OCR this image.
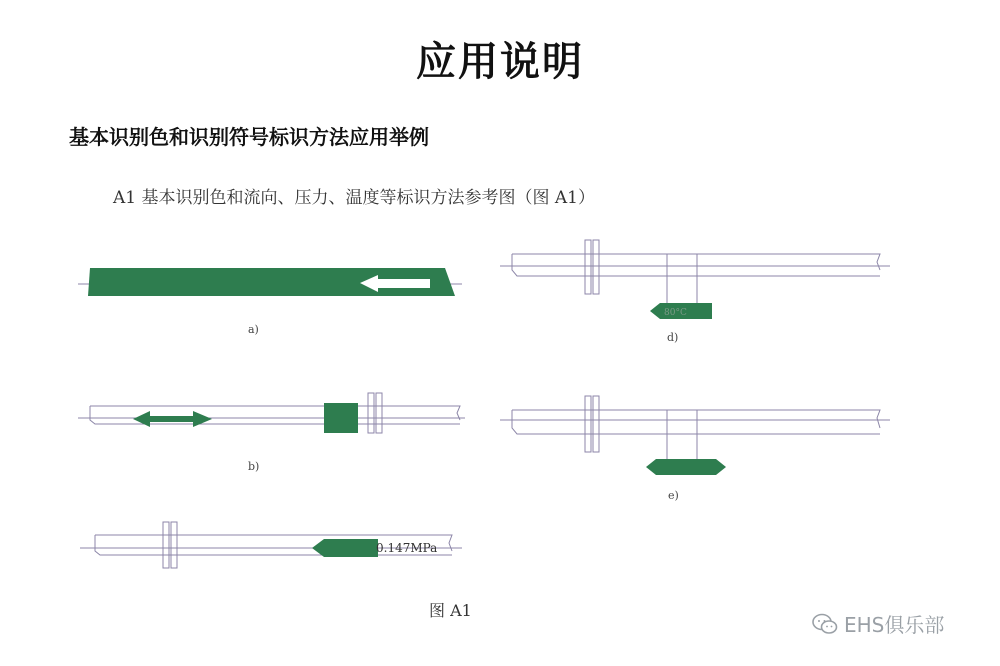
应用说明
基本识别色和识别符号标识方法应用举例
A1 基本识别色和流向、压力、温度等标识方法参考图（图 A1）
a)
b)
0.147MPa
80°C
d)
e)
图 A1
EHS俱乐部
